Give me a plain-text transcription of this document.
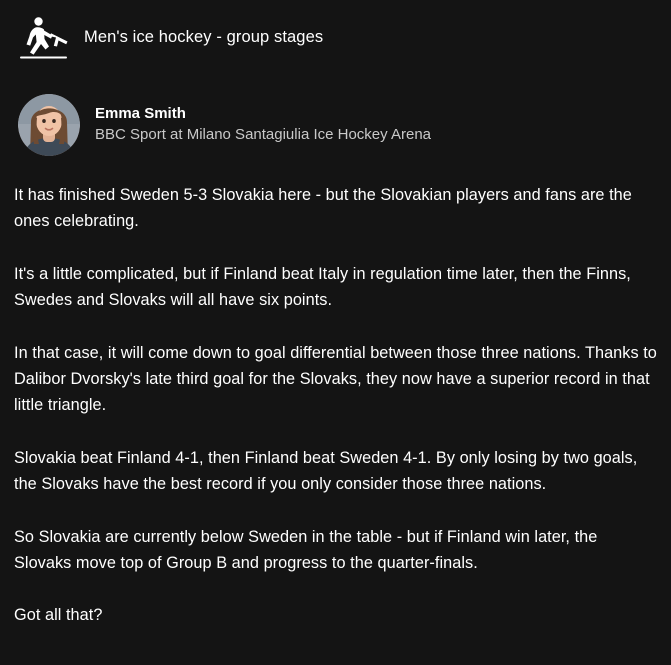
Men's ice hockey - group stages
Emma Smith
BBC Sport at Milano Santagiulia Ice Hockey Arena

It has finished Sweden 5-3 Slovakia here - but the Slovakian players and fans are the ones celebrating.

It's a little complicated, but if Finland beat Italy in regulation time later, then the Finns, Swedes and Slovaks will all have six points.

In that case, it will come down to goal differential between those three nations. Thanks to Dalibor Dvorsky's late third goal for the Slovaks, they now have a superior record in that little triangle.

Slovakia beat Finland 4-1, then Finland beat Sweden 4-1. By only losing by two goals, the Slovaks have the best record if you only consider those three nations.

So Slovakia are currently below Sweden in the table - but if Finland win later, the Slovaks move top of Group B and progress to the quarter-finals.

Got all that?
